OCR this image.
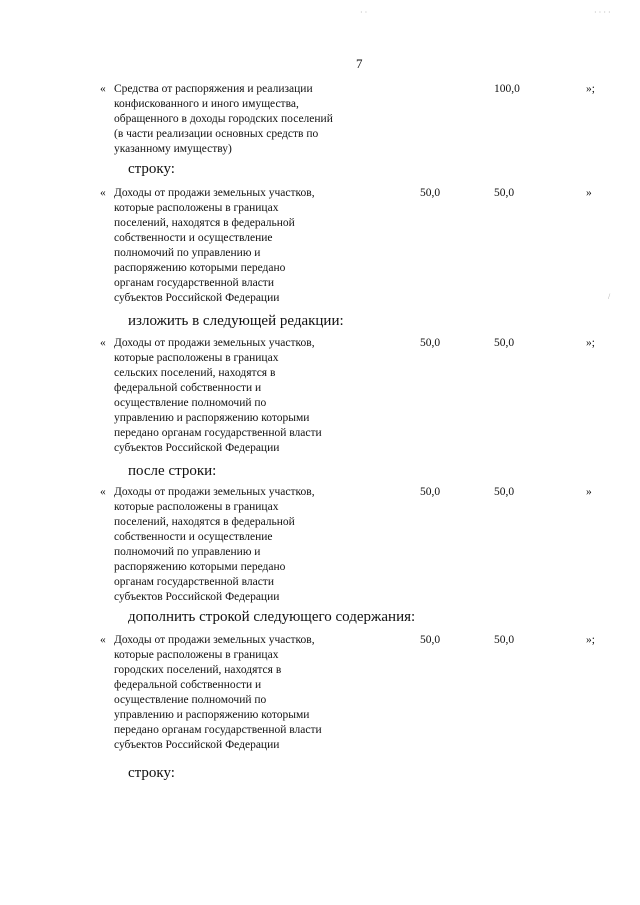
7
« Средства от распоряжения и реализации
конфискованного и иного имущества,
обращенного в доходы городских поселений
(в части реализации основных средств по
указанному имуществу)
100,0	»;
строку:
« Доходы от продажи земельных участков,
которые расположены в границах
поселений, находятся в федеральной
собственности и осуществление
полномочий по управлению и
распоряжению которыми передано
органам государственной власти
субъектов Российской Федерации
50,0	50,0	»
изложить в следующей редакции:
« Доходы от продажи земельных участков,
которые расположены в границах
сельских поселений, находятся в
федеральной собственности и
осуществление полномочий по
управлению и распоряжению которыми
передано органам государственной власти
субъектов Российской Федерации
50,0	50,0	»;
после строки:
« Доходы от продажи земельных участков,
которые расположены в границах
поселений, находятся в федеральной
собственности и осуществление
полномочий по управлению и
распоряжению которыми передано
органам государственной власти
субъектов Российской Федерации
50,0	50,0	»
дополнить строкой следующего содержания:
« Доходы от продажи земельных участков,
которые расположены в границах
городских поселений, находятся в
федеральной собственности и
осуществление полномочий по
управлению и распоряжению которыми
передано органам государственной власти
субъектов Российской Федерации
50,0	50,0	»;
строку:
· ·	· · · ·
/
